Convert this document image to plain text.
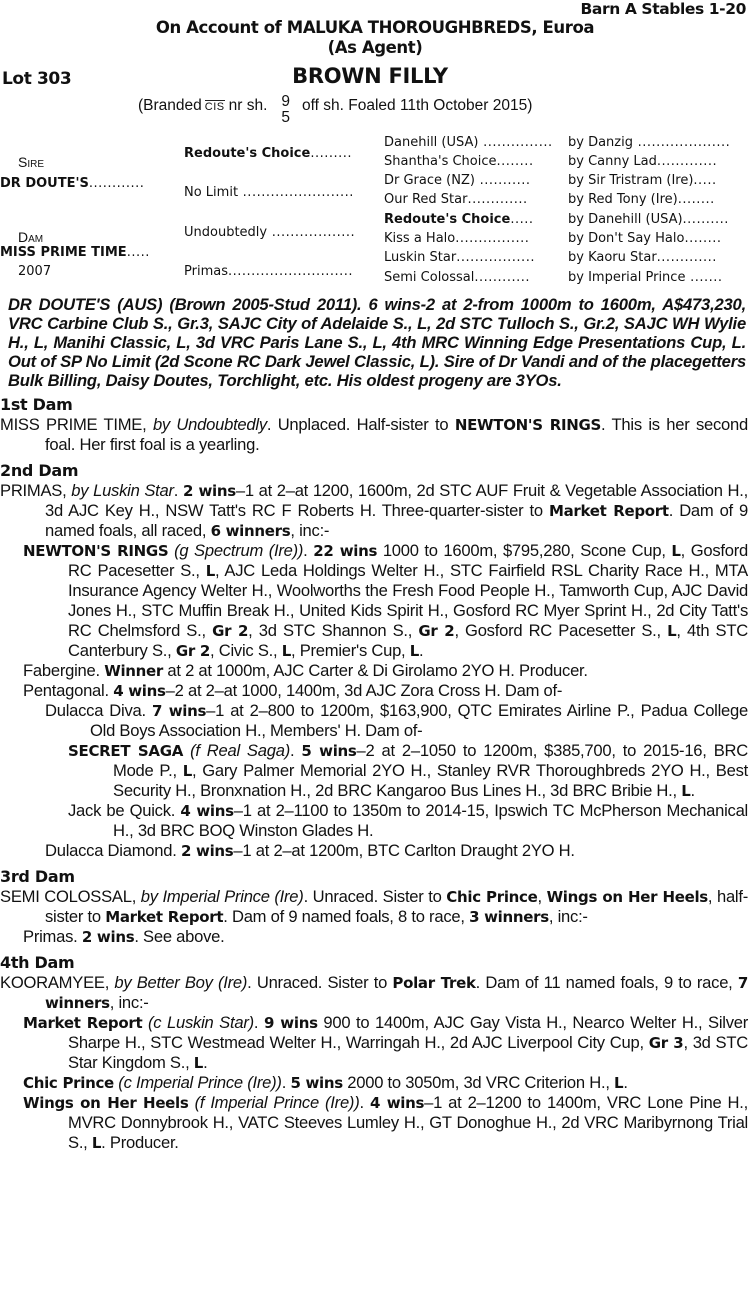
Barn A Stables 1-20
On Account of MALUKA THOROUGHBREDS, Euroa
(As Agent)
Lot 303	BROWN FILLY
(Branded CIS nr sh. 9
5
off sh. Foaled 11th October 2015)
Sire
DR DOUTE'S............
Dam
MISS PRIME TIME.....
2007
Redoute's Choice.........
No Limit ........................
Undoubtedly ..................
Primas...........................
Danehill (USA) ...............
Shantha's Choice........
Dr Grace (NZ) ...........
Our Red Star.............
Redoute's Choice.....
Kiss a Halo................
Luskin Star.................
Semi Colossal............
by Danzig ....................
by Canny Lad.............
by Sir Tristram (Ire).....
by Red Tony (Ire)........
by Danehill (USA)..........
by Don't Say Halo........
by Kaoru Star.............
by Imperial Prince .......
DR DOUTE'S (AUS) (Brown 2005-Stud 2011). 6 wins-2 at 2-from 1000m to 1600m, A$473,230, VRC Carbine Club S., Gr.3, SAJC City of Adelaide S., L, 2d STC Tulloch S., Gr.2, SAJC WH Wylie H., L, Manihi Classic, L, 3d VRC Paris Lane S., L, 4th MRC Winning Edge Presentations Cup, L. Out of SP No Limit (2d Scone RC Dark Jewel Classic, L). Sire of Dr Vandi and of the placegetters Bulk Billing, Daisy Doutes, Torchlight, etc. His oldest progeny are 3YOs.
1st Dam
MISS PRIME TIME, by Undoubtedly. Unplaced. Half-sister to NEWTON'S RINGS. This is her second foal. Her first foal is a yearling.
2nd Dam
PRIMAS, by Luskin Star. 2 wins–1 at 2–at 1200, 1600m, 2d STC AUF Fruit & Vegetable Association H., 3d AJC Key H., NSW Tatt's RC F Roberts H. Three-quarter-sister to Market Report. Dam of 9 named foals, all raced, 6 winners, inc:-
NEWTON'S RINGS (g Spectrum (Ire)). 22 wins 1000 to 1600m, $795,280, Scone Cup, L, Gosford RC Pacesetter S., L, AJC Leda Holdings Welter H., STC Fairfield RSL Charity Race H., MTA Insurance Agency Welter H., Woolworths the Fresh Food People H., Tamworth Cup, AJC David Jones H., STC Muffin Break H., United Kids Spirit H., Gosford RC Myer Sprint H., 2d City Tatt's RC Chelmsford S., Gr 2, 3d STC Shannon S., Gr 2, Gosford RC Pacesetter S., L, 4th STC Canterbury S., Gr 2, Civic S., L, Premier's Cup, L.
Fabergine. Winner at 2 at 1000m, AJC Carter & Di Girolamo 2YO H. Producer.
Pentagonal. 4 wins–2 at 2–at 1000, 1400m, 3d AJC Zora Cross H. Dam of-
Dulacca Diva. 7 wins–1 at 2–800 to 1200m, $163,900, QTC Emirates Airline P., Padua College Old Boys Association H., Members' H. Dam of-
SECRET SAGA (f Real Saga). 5 wins–2 at 2–1050 to 1200m, $385,700, to 2015-16, BRC Mode P., L, Gary Palmer Memorial 2YO H., Stanley RVR Thoroughbreds 2YO H., Best Security H., Bronxnation H., 2d BRC Kangaroo Bus Lines H., 3d BRC Bribie H., L.
Jack be Quick. 4 wins–1 at 2–1100 to 1350m to 2014-15, Ipswich TC McPherson Mechanical H., 3d BRC BOQ Winston Glades H.
Dulacca Diamond. 2 wins–1 at 2–at 1200m, BTC Carlton Draught 2YO H.
3rd Dam
SEMI COLOSSAL, by Imperial Prince (Ire). Unraced. Sister to Chic Prince, Wings on Her Heels, half-sister to Market Report. Dam of 9 named foals, 8 to race, 3 winners, inc:-
Primas. 2 wins. See above.
4th Dam
KOORAMYEE, by Better Boy (Ire). Unraced. Sister to Polar Trek. Dam of 11 named foals, 9 to race, 7 winners, inc:-
Market Report (c Luskin Star). 9 wins 900 to 1400m, AJC Gay Vista H., Nearco Welter H., Silver Sharpe H., STC Westmead Welter H., Warringah H., 2d AJC Liverpool City Cup, Gr 3, 3d STC Star Kingdom S., L.
Chic Prince (c Imperial Prince (Ire)). 5 wins 2000 to 3050m, 3d VRC Criterion H., L.
Wings on Her Heels (f Imperial Prince (Ire)). 4 wins–1 at 2–1200 to 1400m, VRC Lone Pine H., MVRC Donnybrook H., VATC Steeves Lumley H., GT Donoghue H., 2d VRC Maribyrnong Trial S., L. Producer.
